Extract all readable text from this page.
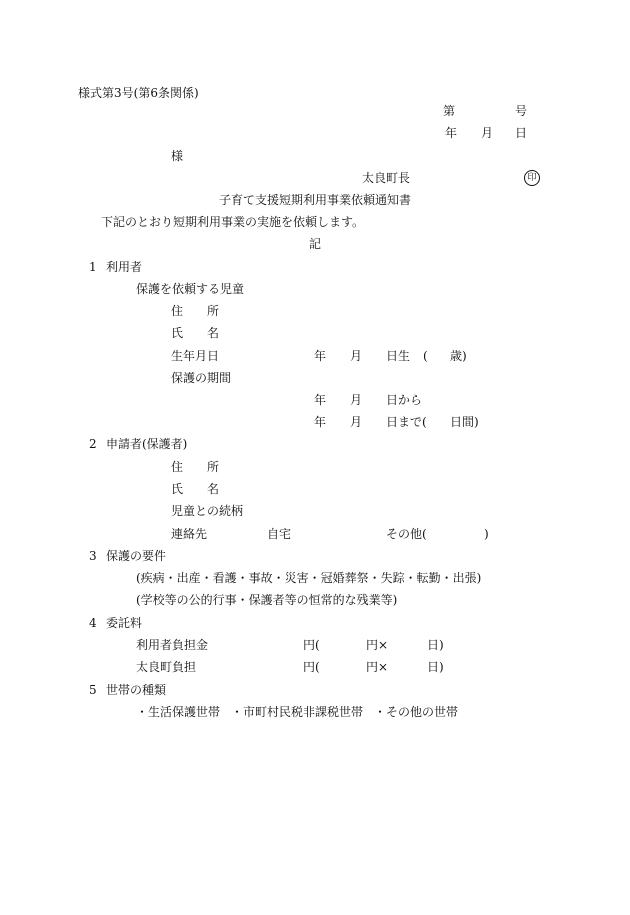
様式第3号(第6条関係)
第	号
年 月 日
様
太良町長	印
子育て支援短期利用事業依頼通知書
下記のとおり短期利用事業の実施を依頼します。
記
1 利用者
保護を依頼する児童
住 所
氏 名
生年月日	年 月 日生 ( 歳)
保護の期間
年 月 日から
年 月 日まで( 日間)
2 申請者(保護者)
住 所
氏 名
児童との続柄
連絡先	自宅	その他(	)
3 保護の要件
(疾病・出産・看護・事故・災害・冠婚葬祭・失踪・転勤・出張)
(学校等の公的行事・保護者等の恒常的な残業等)
4 委託料
利用者負担金	円(	円×	日)
太良町負担	円(	円×	日)
5 世帯の種類
・生活保護世帯 ・市町村民税非課税世帯 ・その他の世帯
